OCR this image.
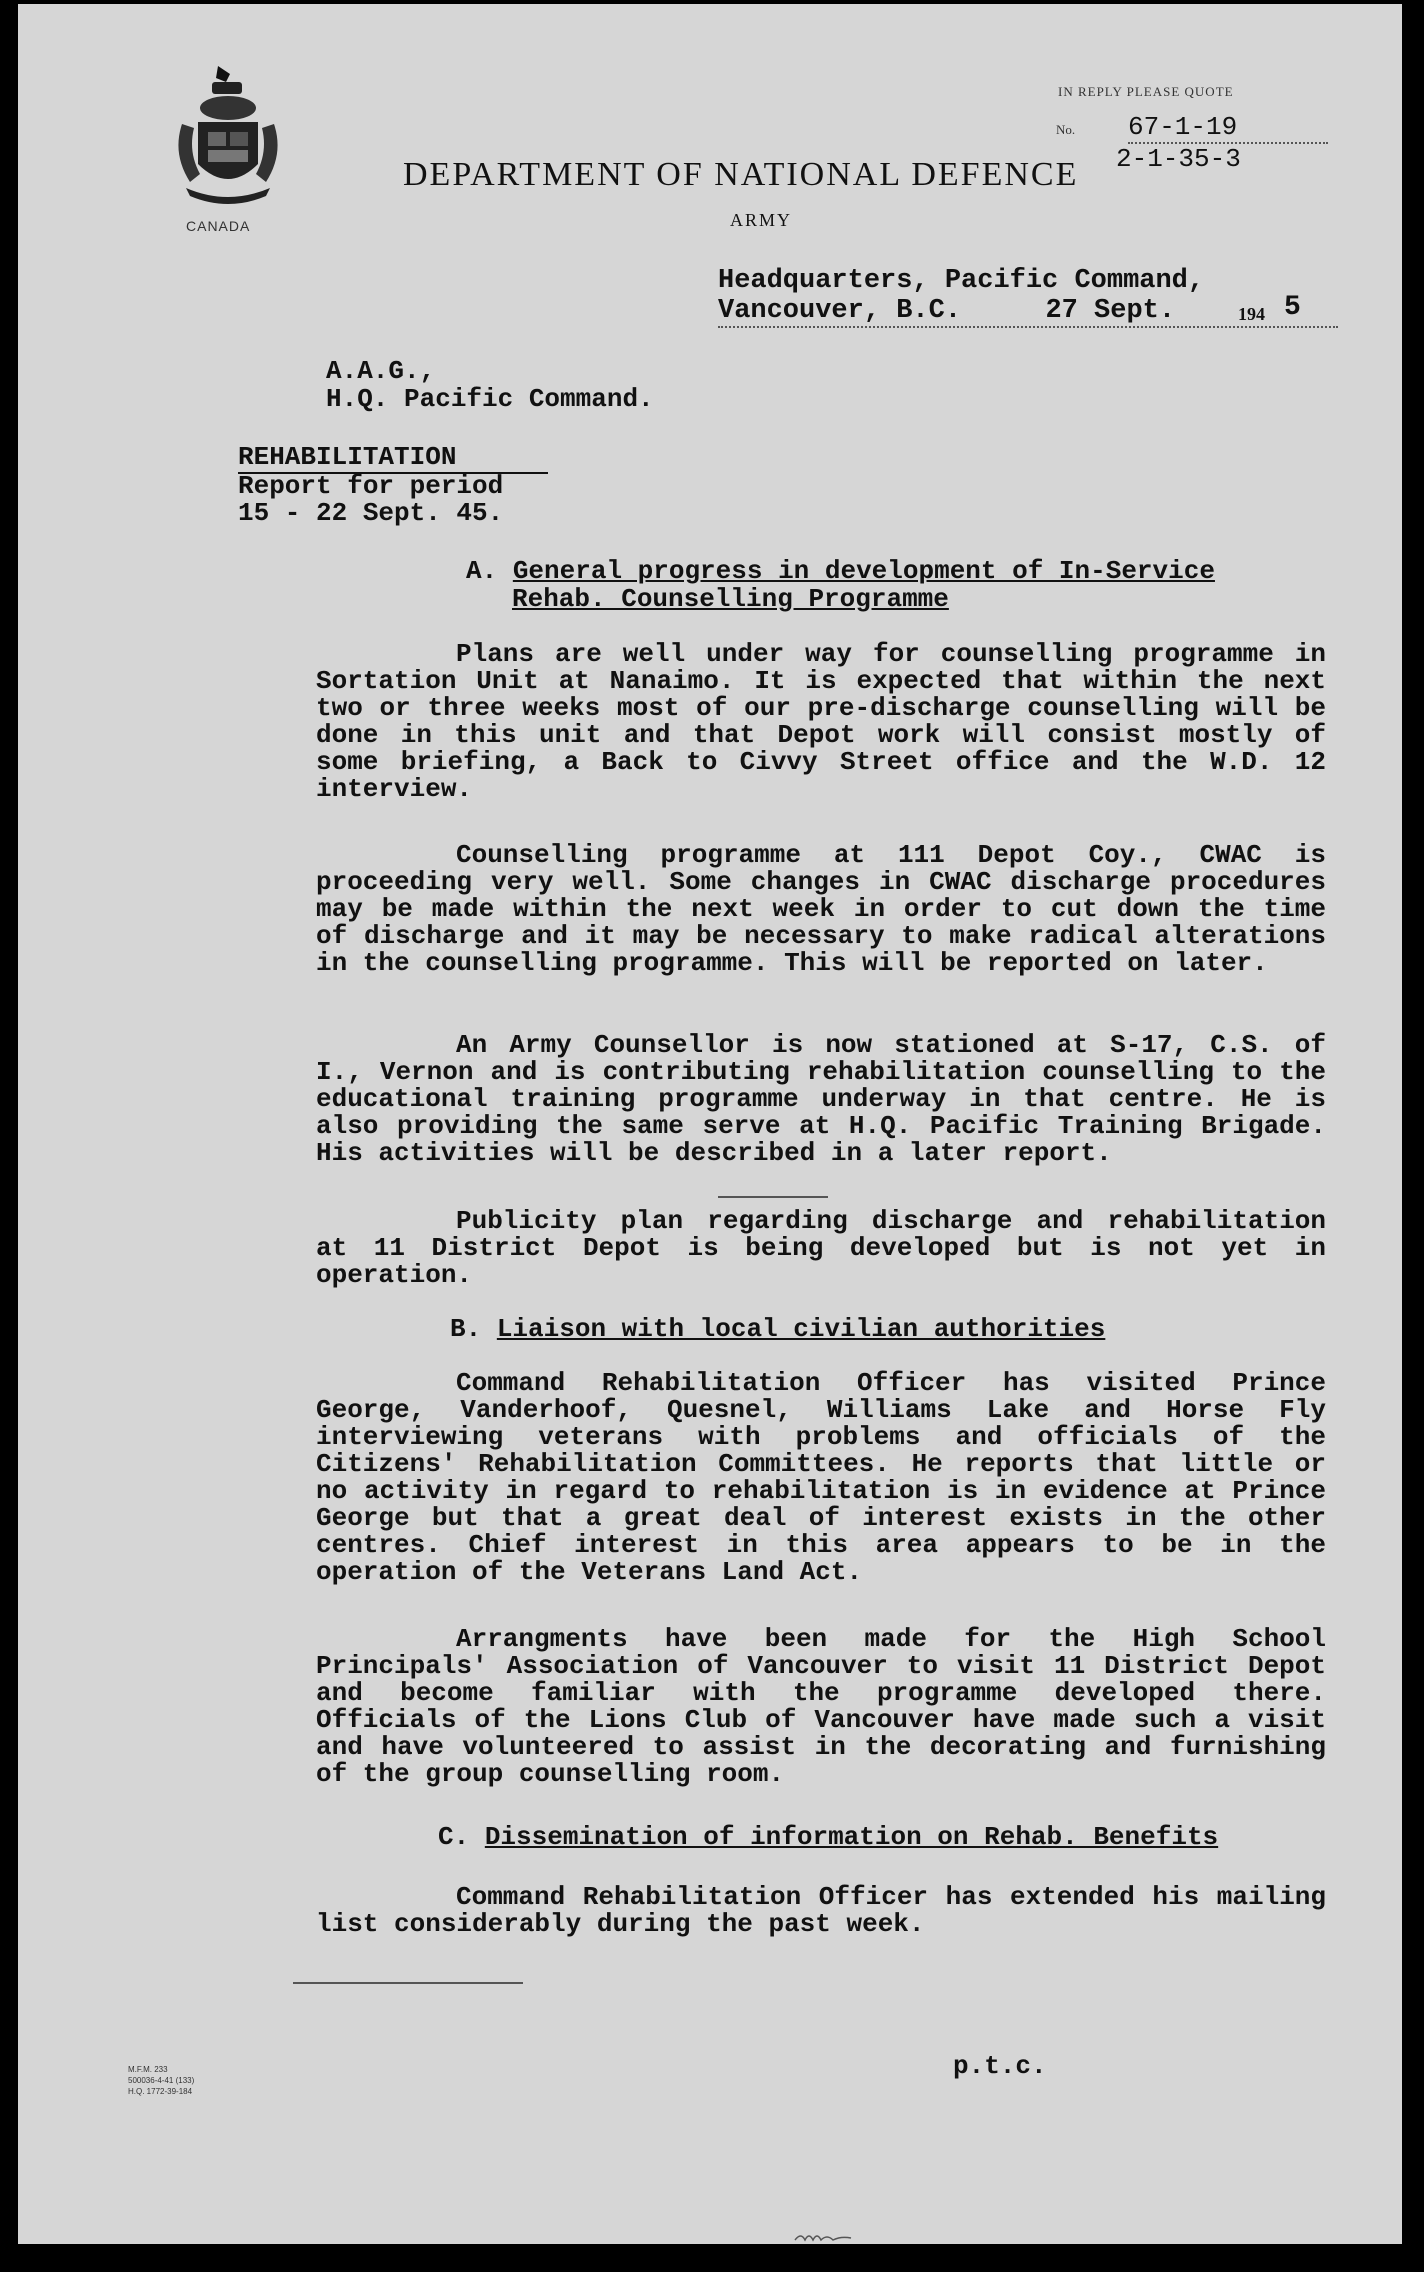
CANADA
IN REPLY PLEASE QUOTE
No. 67-1-19
2-1-35-3
DEPARTMENT OF NATIONAL DEFENCE
ARMY
Headquarters, Pacific Command,
Vancouver, B.C.	27 Sept.	194 5
A.A.G.,
H.Q. Pacific Command.
REHABILITATION
Report for period
15 - 22 Sept. 45.
A. General progress in development of In-Service
Rehab. Counselling Programme
Plans are well under way for counselling programme in Sortation Unit at Nanaimo. It is expected that within the next two or three weeks most of our pre-discharge counselling will be done in this unit and that Depot work will consist mostly of some briefing, a Back to Civvy Street office and the W.D. 12 interview.
Counselling programme at 111 Depot Coy., CWAC is proceeding very well. Some changes in CWAC discharge procedures may be made within the next week in order to cut down the time of discharge and it may be necessary to make radical alterations in the counselling programme. This will be reported on later.
An Army Counsellor is now stationed at S-17, C.S. of I., Vernon and is contributing rehabilitation counselling to the educational training programme underway in that centre. He is also providing the same serve at H.Q. Pacific Training Brigade. His activities will be described in a later report.
Publicity plan regarding discharge and rehabilitation at 11 District Depot is being developed but is not yet in operation.
B. Liaison with local civilian authorities
Command Rehabilitation Officer has visited Prince George, Vanderhoof, Quesnel, Williams Lake and Horse Fly interviewing veterans with problems and officials of the Citizens' Rehabilitation Committees. He reports that little or no activity in regard to rehabilitation is in evidence at Prince George but that a great deal of interest exists in the other centres. Chief interest in this area appears to be in the operation of the Veterans Land Act.
Arrangments have been made for the High School Principals' Association of Vancouver to visit 11 District Depot and become familiar with the programme developed there. Officials of the Lions Club of Vancouver have made such a visit and have volunteered to assist in the decorating and furnishing of the group counselling room.
C. Dissemination of information on Rehab. Benefits
Command Rehabilitation Officer has extended his mailing list considerably during the past week.
M.F.M. 233
500036-4-41 (133)
H.Q. 1772-39-184
p.t.c.
